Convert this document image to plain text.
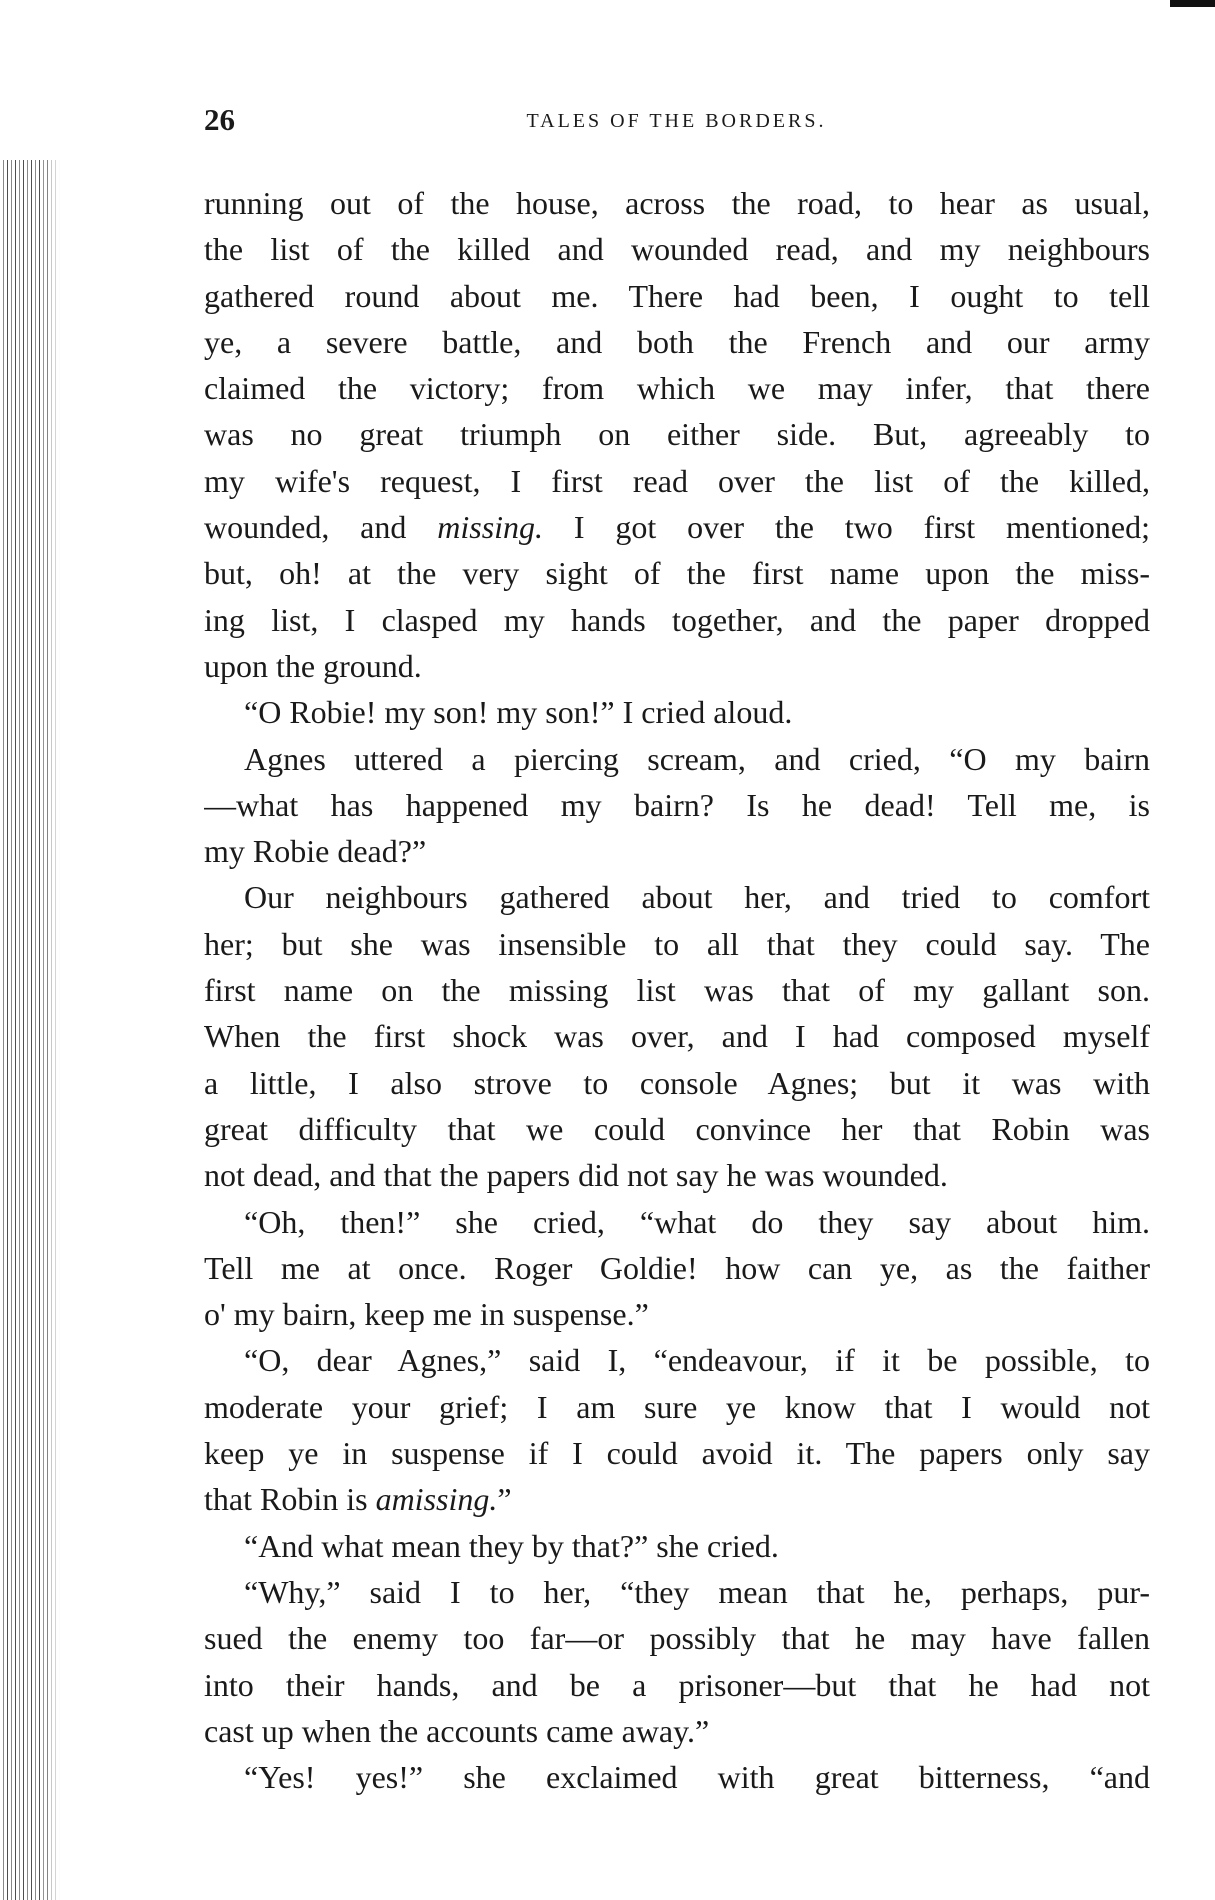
26	TALES OF THE BORDERS.
running out of the house, across the road, to hear as usual,
the list of the killed and wounded read, and my neighbours
gathered round about me. There had been, I ought to tell
ye, a severe battle, and both the French and our army
claimed the victory; from which we may infer, that there
was no great triumph on either side. But, agreeably to
my wife's request, I first read over the list of the killed,
wounded, and missing. I got over the two first mentioned;
but, oh! at the very sight of the first name upon the miss-
ing list, I clasped my hands together, and the paper dropped
upon the ground.
“O Robie! my son! my son!” I cried aloud.
Agnes uttered a piercing scream, and cried, “O my bairn
—what has happened my bairn? Is he dead! Tell me, is
my Robie dead?”
Our neighbours gathered about her, and tried to comfort
her; but she was insensible to all that they could say. The
first name on the missing list was that of my gallant son.
When the first shock was over, and I had composed myself
a little, I also strove to console Agnes; but it was with
great difficulty that we could convince her that Robin was
not dead, and that the papers did not say he was wounded.
“Oh, then!” she cried, “what do they say about him.
Tell me at once. Roger Goldie! how can ye, as the faither
o' my bairn, keep me in suspense.”
“O, dear Agnes,” said I, “endeavour, if it be possible, to
moderate your grief; I am sure ye know that I would not
keep ye in suspense if I could avoid it. The papers only say
that Robin is amissing.”
“And what mean they by that?” she cried.
“Why,” said I to her, “they mean that he, perhaps, pur-
sued the enemy too far—or possibly that he may have fallen
into their hands, and be a prisoner—but that he had not
cast up when the accounts came away.”
“Yes! yes!” she exclaimed with great bitterness, “and
